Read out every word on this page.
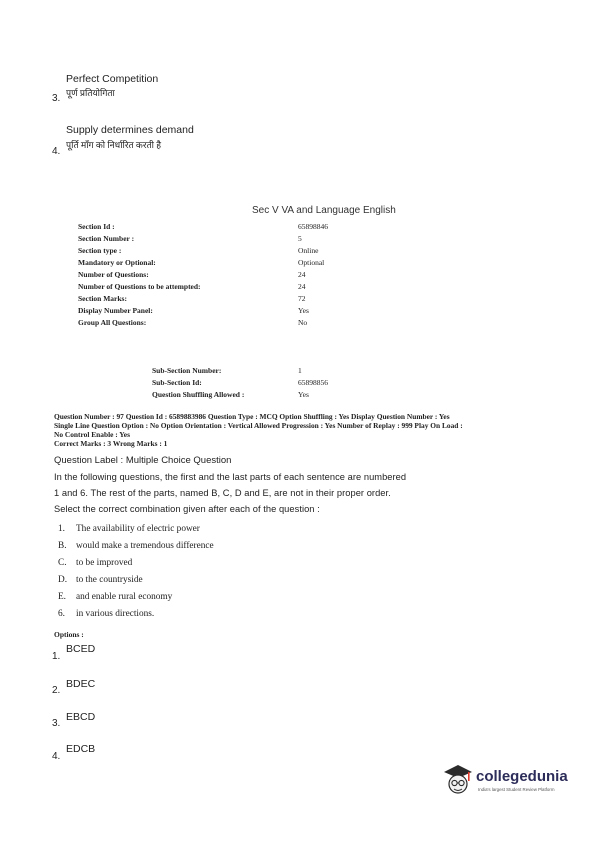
Perfect Competition
3. पूर्ण प्रतियोगिता
Supply determines demand
4.
पूर्ति माँग को निर्धारित करती है
Sec V VA and Language English
Section Id :	65898846
Section Number :	5
Section type :	Online
Mandatory or Optional:	Optional
Number of Questions:	24
Number of Questions to be attempted:	24
Section Marks:	72
Display Number Panel:	Yes
Group All Questions:	No
Sub-Section Number:	1
Sub-Section Id:	65898856
Question Shuffling Allowed :	Yes
Question Number : 97 Question Id : 6589883986 Question Type : MCQ Option Shuffling : Yes Display Question Number : Yes
Single Line Question Option : No Option Orientation : Vertical Allowed Progression : Yes Number of Replay : 999 Play On Load :
No Control Enable : Yes
Correct Marks : 3 Wrong Marks : 1
Question Label : Multiple Choice Question
In the following questions, the first and the last parts of each sentence are numbered
1 and 6. The rest of the parts, named B, C, D and E, are not in their proper order.
Select the correct combination given after each of the question :
1. The availability of electric power
B. would make a tremendous difference
C. to be improved
D. to the countryside
E. and enable rural economy
6. in various directions.
Options :
1.
BCED
2.
BDEC
3.
EBCD
4.
EDCB
collegedunia
India's largest Student Review Platform
